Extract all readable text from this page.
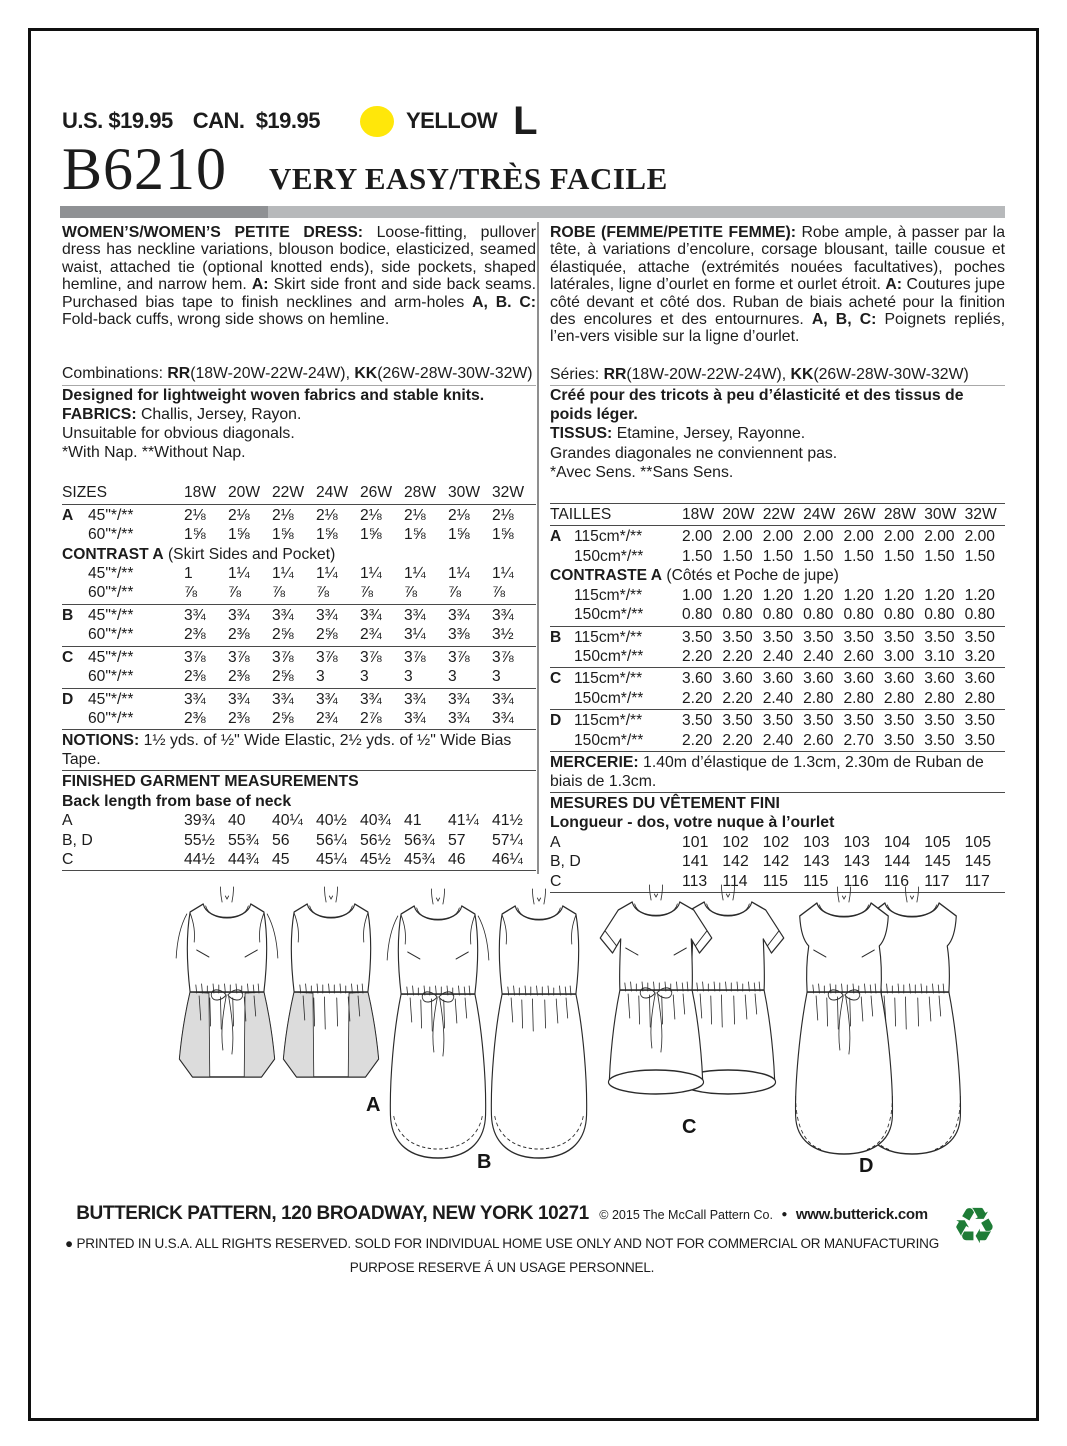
U.S. $19.95 CAN.  $19.95	YELLOW L
B6210 VERY EASY/TRÈS FACILE

WOMEN’S/WOMEN’S PETITE DRESS: Loose-fitting, pullover dress has neckline variations, blouson bodice, elasticized, seamed waist, attached tie (optional knotted ends), side pockets, shaped hemline, and narrow hem. A: Skirt side front and side back seams. Purchased bias tape to finish necklines and arm-holes A, B. C: Fold-back cuffs, wrong side shows on hemline.

Combinations: RR(18W-20W-22W-24W), KK(26W-28W-30W-32W)
Designed for lightweight woven fabrics and stable knits.
FABRICS: Challis, Jersey, Rayon.
Unsuitable for obvious diagonals.
*With Nap. **Without Nap.
SIZES	18W 20W 22W 24W 26W 28W 30W 32W
A 45"*/**	2⅛	2⅛	2⅛	2⅛	2⅛	2⅛	2⅛	2⅛
60"*/**	1⅝	1⅝	1⅝	1⅝	1⅝	1⅝	1⅝	1⅝
CONTRAST A (Skirt Sides and Pocket)
45"*/**	1	1¼	1¼	1¼	1¼	1¼	1¼	1¼
60"*/**	⅞	⅞	⅞	⅞	⅞	⅞	⅞	⅞
B 45"*/**	3¾	3¾	3¾	3¾	3¾	3¾	3¾	3¾
60"*/**	2⅜	2⅜	2⅝	2⅝	2¾	3¼	3⅜	3½
C 45"*/**	3⅞	3⅞	3⅞	3⅞	3⅞	3⅞	3⅞	3⅞
60"*/**	2⅜	2⅜	2⅝	3	3	3	3	3
D 45"*/**	3¾	3¾	3¾	3¾	3¾	3¾	3¾	3¾
60"*/**	2⅜	2⅜	2⅝	2¾	2⅞	3¾	3¾	3¾

NOTIONS: 1½ yds. of ½" Wide Elastic, 2½ yds. of ½" Wide Bias Tape.

FINISHED GARMENT MEASUREMENTS

Back length from base of neck

A	39¾ 40	40¼ 40½ 40¾ 41	41¼ 41½
B, D	55½ 55¾ 56	56¼ 56½ 56¾ 57	57¼
C	44½ 44¾ 45	45¼ 45½ 45¾ 46	46¼

ROBE (FEMME/PETITE FEMME): Robe ample, à passer par la tête, à variations d’encolure, corsage blousant, taille cousue et élastiquée, attache (extrémités nouées facultatives), poches latérales, ligne d’ourlet en forme et ourlet étroit. A: Coutures jupe côté devant et côté dos. Ruban de biais acheté pour la finition des encolures et des entournures. A, B, C: Poignets repliés, l’en-vers visible sur la ligne d’ourlet.

Séries: RR(18W-20W-22W-24W), KK(26W-28W-30W-32W)
Créé pour des tricots à peu d’élasticité et des tissus de poids léger.
TISSUS: Etamine, Jersey, Rayonne.
Grandes diagonales ne conviennent pas.
*Avec Sens. **Sans Sens.
TAILLES	18W 20W 22W 24W 26W 28W 30W 32W
A 115cm*/**	2.00 2.00 2.00 2.00 2.00 2.00 2.00 2.00
150cm*/**	1.50 1.50 1.50 1.50 1.50 1.50 1.50 1.50
CONTRASTE A (Côtés et Poche de jupe)
115cm*/**	1.00 1.20 1.20 1.20 1.20 1.20 1.20 1.20
150cm*/**	0.80 0.80 0.80 0.80 0.80 0.80 0.80 0.80
B 115cm*/**	3.50 3.50 3.50 3.50 3.50 3.50 3.50 3.50
150cm*/**	2.20 2.20 2.40 2.40 2.60 3.00 3.10 3.20
C 115cm*/**	3.60 3.60 3.60 3.60 3.60 3.60 3.60 3.60
150cm*/**	2.20 2.20 2.40 2.80 2.80 2.80 2.80 2.80
D 115cm*/**	3.50 3.50 3.50 3.50 3.50 3.50 3.50 3.50
150cm*/**	2.20 2.20 2.40 2.60 2.70 3.50 3.50 3.50

MERCERIE: 1.40m d’élastique de 1.3cm, 2.30m de Ruban de biais de 1.3cm.

MESURES DU VÊTEMENT FINI

Longueur - dos, votre nuque à l’ourlet

A	101 102 102 103 103 104 105 105
B, D	141 142 142 143 143 144 145 145
C	113 114 115 115 116 116 117 117
A
B
C
D
BUTTERICK PATTERN, 120 BROADWAY, NEW YORK 10271 © 2015 The McCall Pattern Co. ● www.butterick.com
● PRINTED IN U.S.A. ALL RIGHTS RESERVED. SOLD FOR INDIVIDUAL HOME USE ONLY AND NOT FOR COMMERCIAL OR MANUFACTURING
PURPOSE RESERVE Á UN USAGE PERSONNEL.
♻
